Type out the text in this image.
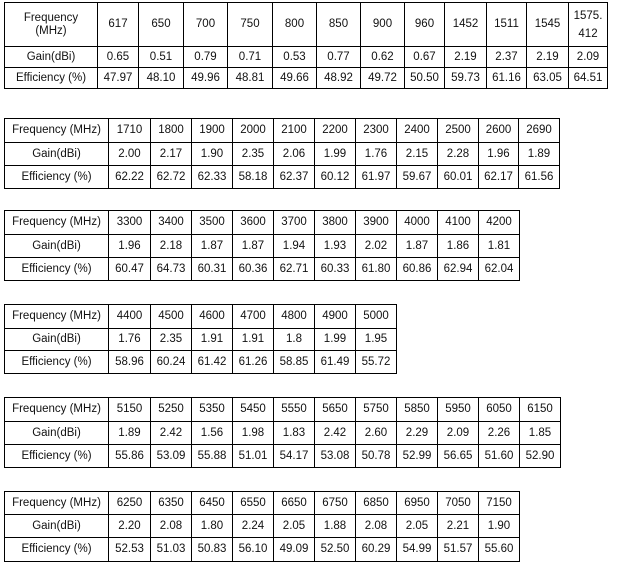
Frequency (MHz)	617	650	700	750	800	850	900	960	1452	1511	1545	1575.412
Gain(dBi)	0.65	0.51	0.79	0.71	0.53	0.77	0.62	0.67	2.19	2.37	2.19	2.09
Efficiency (%)	47.97	48.10	49.96	48.81	49.66	48.92	49.72	50.50	59.73	61.16	63.05	64.51
Frequency (MHz)	1710	1800	1900	2000	2100	2200	2300	2400	2500	2600	2690
Gain(dBi)	2.00	2.17	1.90	2.35	2.06	1.99	1.76	2.15	2.28	1.96	1.89
Efficiency (%)	62.22	62.72	62.33	58.18	62.37	60.12	61.97	59.67	60.01	62.17	61.56
Frequency (MHz)	3300	3400	3500	3600	3700	3800	3900	4000	4100	4200
Gain(dBi)	1.96	2.18	1.87	1.87	1.94	1.93	2.02	1.87	1.86	1.81
Efficiency (%)	60.47	64.73	60.31	60.36	62.71	60.33	61.80	60.86	62.94	62.04
Frequency (MHz)	4400	4500	4600	4700	4800	4900	5000
Gain(dBi)	1.76	2.35	1.91	1.91	1.8	1.99	1.95
Efficiency (%)	58.96	60.24	61.42	61.26	58.85	61.49	55.72
Frequency (MHz)	5150	5250	5350	5450	5550	5650	5750	5850	5950	6050	6150
Gain(dBi)	1.89	2.42	1.56	1.98	1.83	2.42	2.60	2.29	2.09	2.26	1.85
Efficiency (%)	55.86	53.09	55.88	51.01	54.17	53.08	50.78	52.99	56.65	51.60	52.90
Frequency (MHz)	6250	6350	6450	6550	6650	6750	6850	6950	7050	7150
Gain(dBi)	2.20	2.08	1.80	2.24	2.05	1.88	2.08	2.05	2.21	1.90
Efficiency (%)	52.53	51.03	50.83	56.10	49.09	52.50	60.29	54.99	51.57	55.60
